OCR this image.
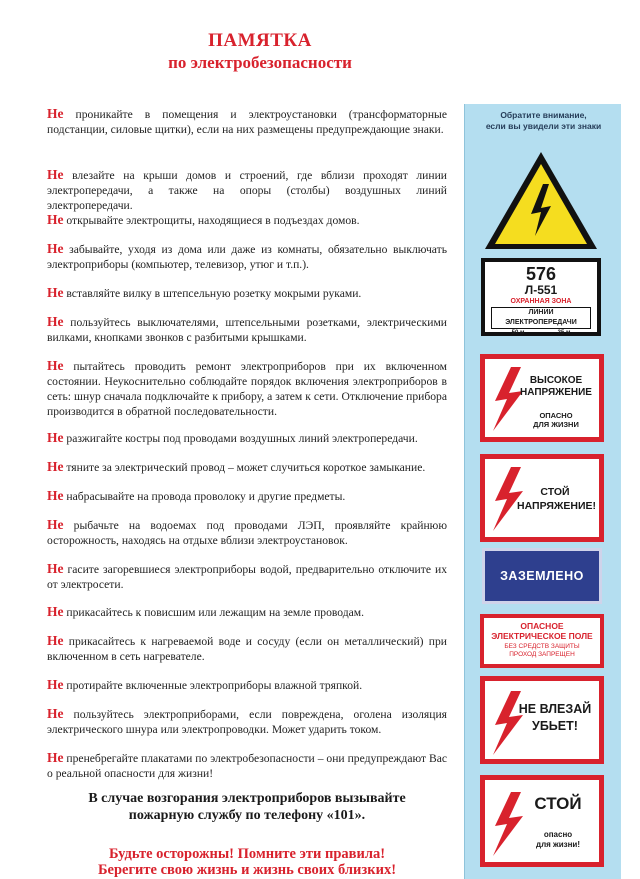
ПАМЯТКА
по электробезопасности

Не проникайте в помещения и электроустановки (трансформаторные подстанции, силовые щитки), если на них размещены предупреждающие знаки.

Не влезайте на крыши домов и строений, где вблизи проходят линии электропередачи, а также на опоры (столбы) воздушных линий электропередачи.

Не открывайте электрощиты, находящиеся в подъездах домов.

Не забывайте, уходя из дома или даже из комнаты, обязательно выключать электроприборы (компьютер, телевизор, утюг и т.п.).

Не вставляйте вилку в штепсельную розетку мокрыми руками.

Не пользуйтесь выключателями, штепсельными розетками, электрическими вилками, кнопками звонков с разбитыми крышками.

Не пытайтесь проводить ремонт электроприборов при их включенном состоянии. Неукоснительно соблюдайте порядок включения электроприборов в сеть: шнур сначала подключайте к прибору, а затем к сети. Отключение прибора производится в обратной последовательности.

Не разжигайте костры под проводами воздушных линий электропередачи.

Не тяните за электрический провод – может случиться короткое замыкание.

Не набрасывайте на провода проволоку и другие предметы.

Не рыбачьте на водоемах под проводами ЛЭП, проявляйте крайнюю осторожность, находясь на отдыхе вблизи электроустановок.

Не гасите загоревшиеся электроприборы водой, предварительно отключите их от электросети.

Не прикасайтесь к повисшим или лежащим на земле проводам.

Не прикасайтесь к нагреваемой воде и сосуду (если он металлический) при включенном в сеть нагревателе.

Не протирайте включенные электроприборы влажной тряпкой.

Не пользуйтесь электроприборами, если повреждена, оголена изоляция электрического шнура или электропроводки. Может ударить током.

Не пренебрегайте плакатами по электробезопасности – они предупреждают Вас о реальной опасности для жизни!

В случае возгорания электроприборов вызывайте
пожарную службу по телефону «101».
Будьте осторожны! Помните эти правила!
Берегите свою жизнь и жизнь своих близких!
Обратите внимание,
если вы увидели эти знаки
576
Л-551
ОХРАННАЯ ЗОНА
ЛИНИИ ЭЛЕКТРОПЕРЕДАЧИ
50 м	35 м
ВЫСОКОЕ
НАПРЯЖЕНИЕ
ОПАСНО
ДЛЯ ЖИЗНИ
СТОЙ
НАПРЯЖЕНИЕ!
ЗАЗЕМЛЕНО
ОПАСНОЕ
ЭЛЕКТРИЧЕСКОЕ ПОЛЕ
БЕЗ СРЕДСТВ ЗАЩИТЫ
ПРОХОД ЗАПРЕЩЕН
НЕ ВЛЕЗАЙ
УБЬЕТ!
СТОЙ
опасно
для жизни!
